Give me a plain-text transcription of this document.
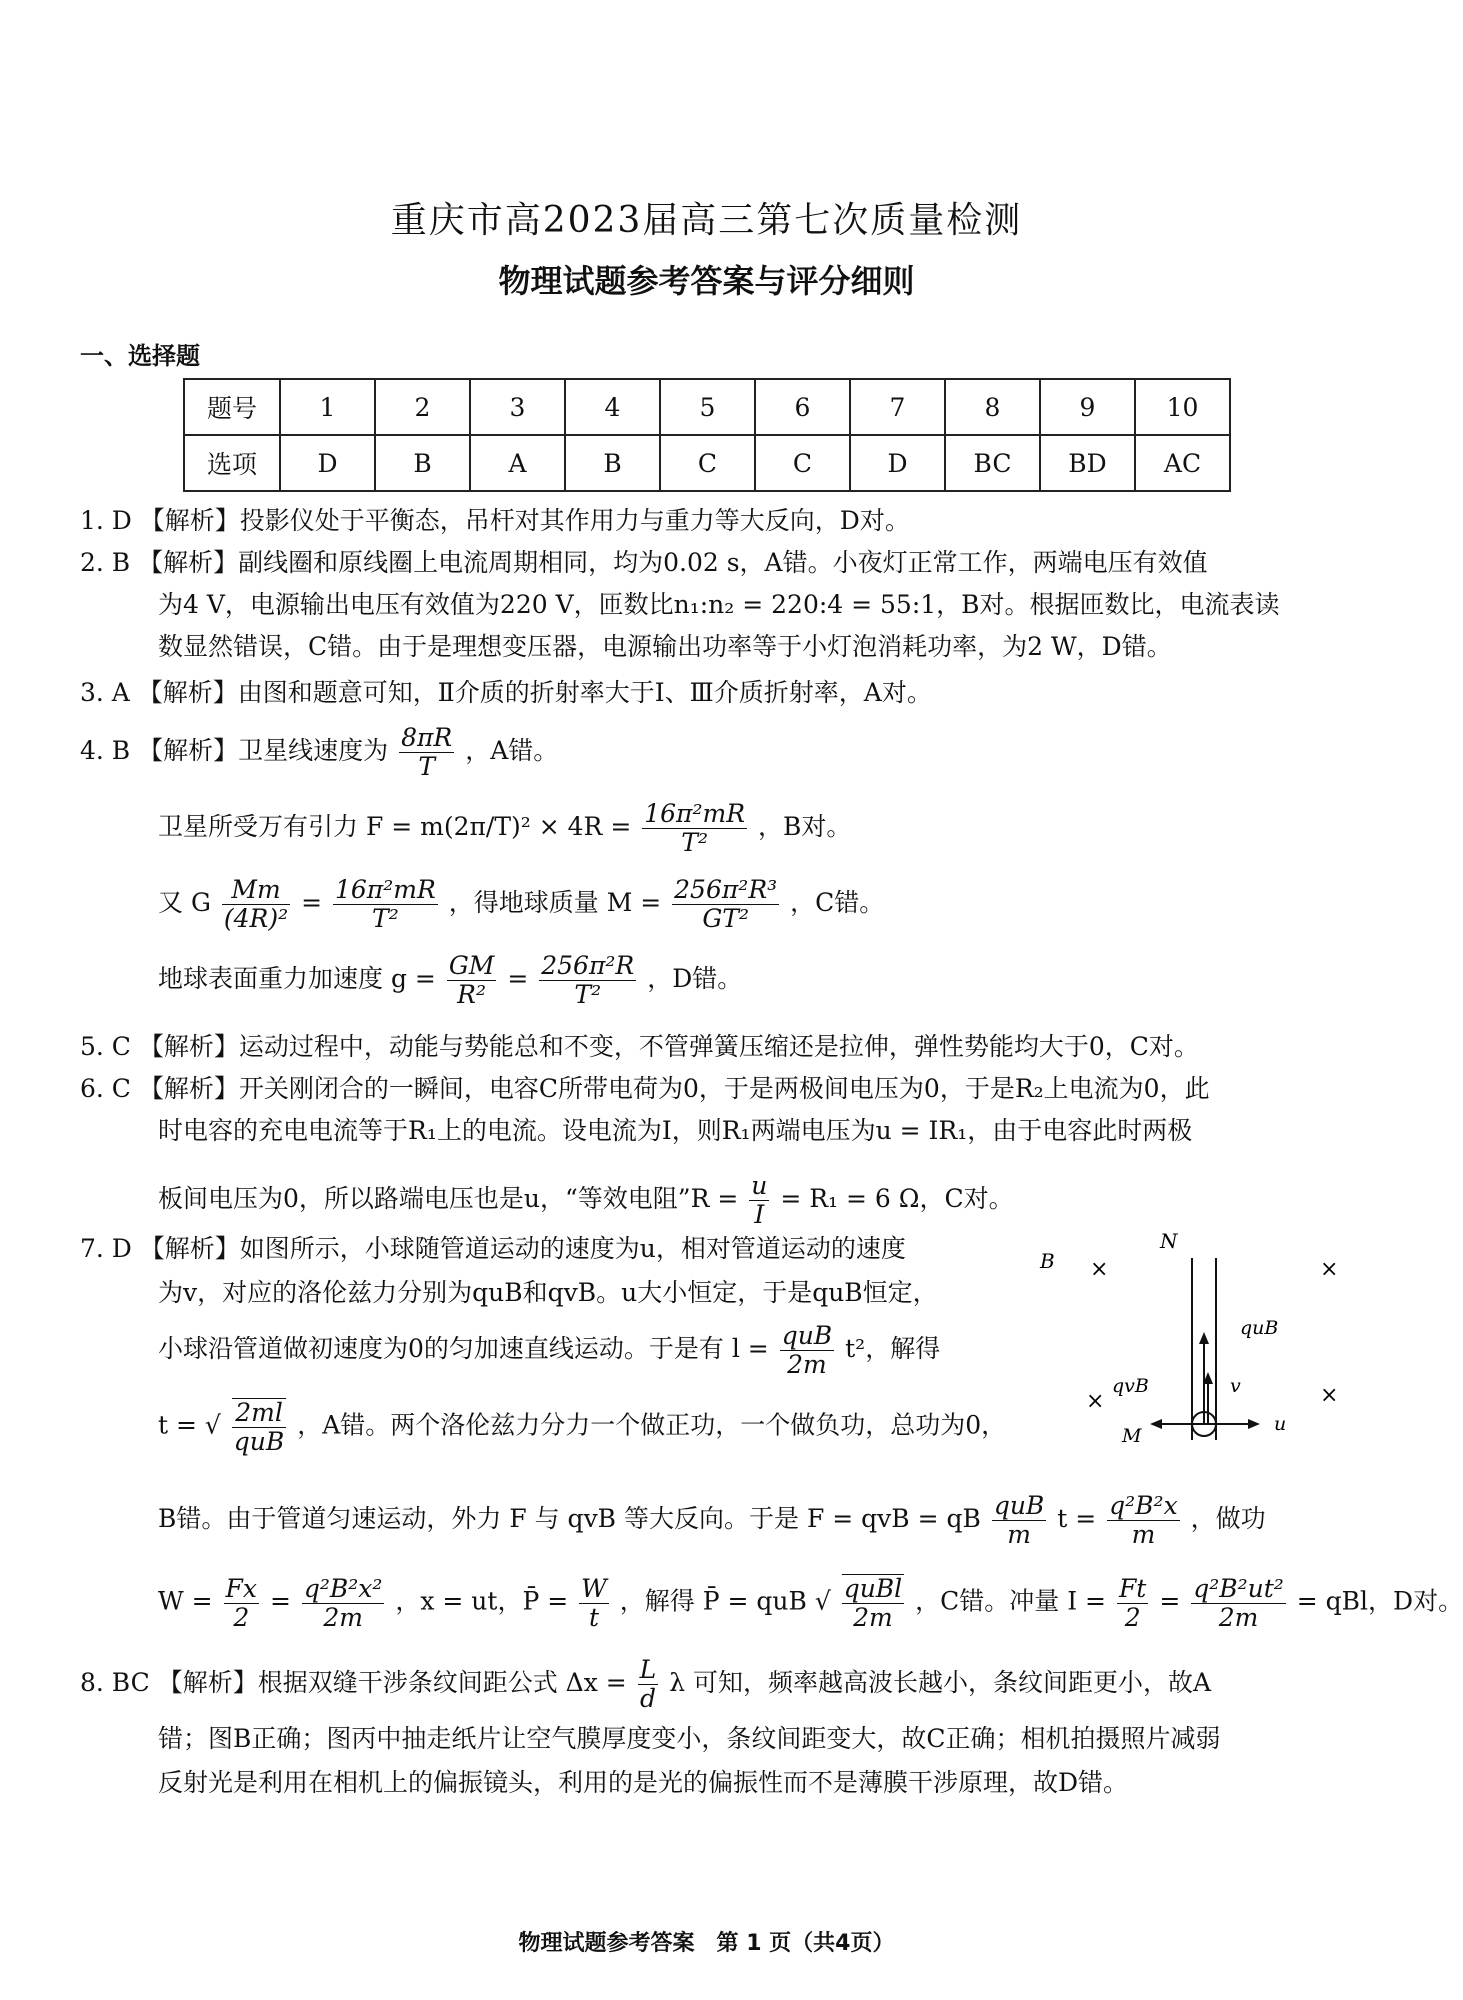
重庆市高2023届高三第七次质量检测
物理试题参考答案与评分细则
一、选择题
题号	1	2	3	4	5	6	7	8	9	10
选项	D	B	A	B	C	C	D	BC	BD	AC
1. D 【解析】投影仪处于平衡态，吊杆对其作用力与重力等大反向，D对。
2. B 【解析】副线圈和原线圈上电流周期相同，均为0.02 s，A错。小夜灯正常工作，两端电压有效值
为4 V，电源输出电压有效值为220 V，匝数比n₁:n₂ = 220:4 = 55:1，B对。根据匝数比，电流表读
数显然错误，C错。由于是理想变压器，电源输出功率等于小灯泡消耗功率，为2 W，D错。
3. A 【解析】由图和题意可知，Ⅱ介质的折射率大于Ⅰ、Ⅲ介质折射率，A对。
4. B 【解析】卫星线速度为 $\frac{8\pi R}{T}$ ，A错。
卫星所受万有引力 $F = m(2\pi/T)^2 \times 4R = \frac{\text{16π²mR}}{\text{T²}}$ ，B对。
又 G $\frac{Mm}{\text{(4R)²}} = \frac{\text{16π²mR}}{\text{T²}}$ ，得地球质量 $M = \frac{\text{256π²R³}}{\text{GT²}}$ ，C错。
地球表面重力加速度 $g = \frac{GM}{\text{R²}} = \frac{\text{256π²R}}{\text{T²}}$ ，D错。
5. C 【解析】运动过程中，动能与势能总和不变，不管弹簧压缩还是拉伸，弹性势能均大于0，C对。
6. C 【解析】开关刚闭合的一瞬间，电容C所带电荷为0，于是两极间电压为0，于是R₂上电流为0，此
时电容的充电电流等于R₁上的电流。设电流为I，则R₁两端电压为u = IR₁，由于电容此时两极
板间电压为0，所以路端电压也是u，“等效电阻”R = $\frac{u}{I} = R_1 = 6$ Ω，C对。
7. D 【解析】如图所示，小球随管道运动的速度为u，相对管道运动的速度
为v，对应的洛伦兹力分别为quB和qvB。u大小恒定，于是quB恒定，
小球沿管道做初速度为0的匀加速直线运动。于是有 $l = \frac{\text{quB}}{2m} t^2$，解得
t = √ $\frac{2ml}{\text{quB}}$ ，A错。两个洛伦兹力分力一个做正功，一个做负功，总功为0，
B错。由于管道匀速运动，外力 F 与 qvB 等大反向。于是 F = qvB = qB $\frac{\text{quB}}{m}$ $t = \frac{\text{q²B²x}}{m}$ ，做功
$W = \frac{Fx}{2} = \frac{\text{q²B²x²}}{2m}$ ，x = ut，P̄ = $\frac{W}{t}$ ，解得 P̄ = quB √ $\frac{\text{quBl}}{2m}$ ，C错。冲量 $I = \frac{Ft}{2} = \frac{\text{q²B²ut²}}{2m}$ = qBl，D对。
B
N
×	×
×	×
quB
v
qvB
u
M
8. BC 【解析】根据双缝干涉条纹间距公式 $\Delta x = \frac{L}{d}$ λ 可知，频率越高波长越小，条纹间距更小，故A
错；图B正确；图丙中抽走纸片让空气膜厚度变小，条纹间距变大，故C正确；相机拍摄照片减弱
反射光是利用在相机上的偏振镜头，利用的是光的偏振性而不是薄膜干涉原理，故D错。
物理试题参考答案　第 1 页（共4页）
